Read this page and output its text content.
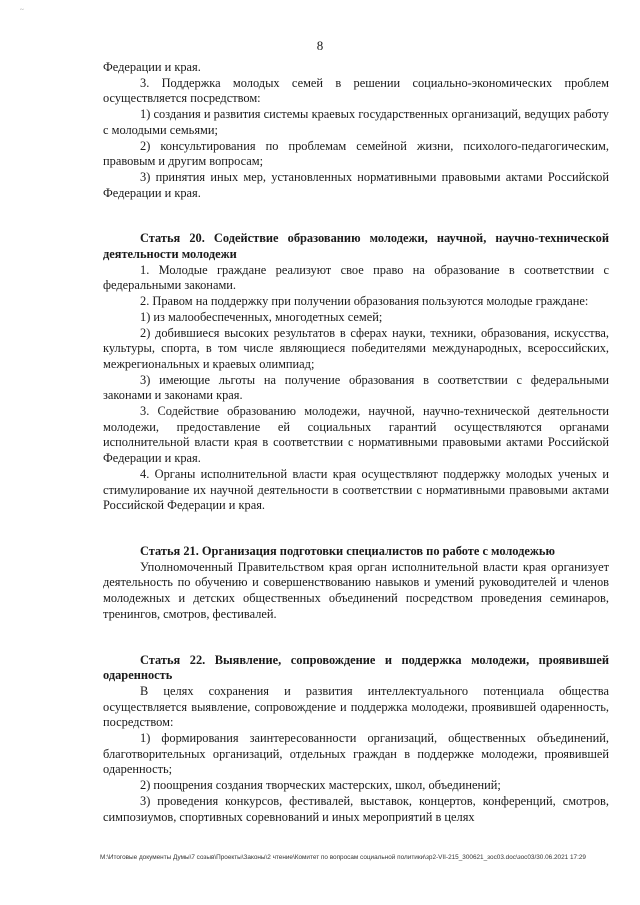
~
8

Федерации и края.

3. Поддержка молодых семей в решении социально-экономических проблем осуществляется посредством:

1) создания и развития системы краевых государственных организаций, ведущих работу с молодыми семьями;

2) консультирования по проблемам семейной жизни, психолого-педагогическим, правовым и другим вопросам;

3) принятия иных мер, установленных нормативными правовыми актами Российской Федерации и края.

Статья 20. Содействие образованию молодежи, научной, научно-технической деятельности молодежи

1. Молодые граждане реализуют свое право на образование в соответствии с федеральными законами.

2. Правом на поддержку при получении образования пользуются молодые граждане:

1) из малообеспеченных, многодетных семей;

2) добившиеся высоких результатов в сферах науки, техники, образования, искусства, культуры, спорта, в том числе являющиеся победителями международных, всероссийских, межрегиональных и краевых олимпиад;

3) имеющие льготы на получение образования в соответствии с федеральными законами и законами края.

3. Содействие образованию молодежи, научной, научно-технической деятельности молодежи, предоставление ей социальных гарантий осуществляются органами исполнительной власти края в соответствии с нормативными правовыми актами Российской Федерации и края.

4. Органы исполнительной власти края осуществляют поддержку молодых ученых и стимулирование их научной деятельности в соответствии с нормативными правовыми актами Российской Федерации и края.

Статья 21. Организация подготовки специалистов по работе с молодежью

Уполномоченный Правительством края орган исполнительной власти края организует деятельность по обучению и совершенствованию навыков и умений руководителей и членов молодежных и детских общественных объединений посредством проведения семинаров, тренингов, смотров, фестивалей.

Статья 22. Выявление, сопровождение и поддержка молодежи, проявившей одаренность

В целях сохранения и развития интеллектуального потенциала общества осуществляется выявление, сопровождение и поддержка молодежи, проявившей одаренность, посредством:

1) формирования заинтересованности организаций, общественных объединений, благотворительных организаций, отдельных граждан в поддержке молодежи, проявившей одаренность;

2) поощрения создания творческих мастерских, школ, объединений;

3) проведения конкурсов, фестивалей, выставок, концертов, конференций, смотров, симпозиумов, спортивных соревнований и иных мероприятий в целях

M:\Итоговые документы Думы\7 созыв\Проекты\Законы\2 чтение\Комитет по вопросам социальной политики\зр2-VII-215_300621_зос03.doc\зос03/30.06.2021 17:29
